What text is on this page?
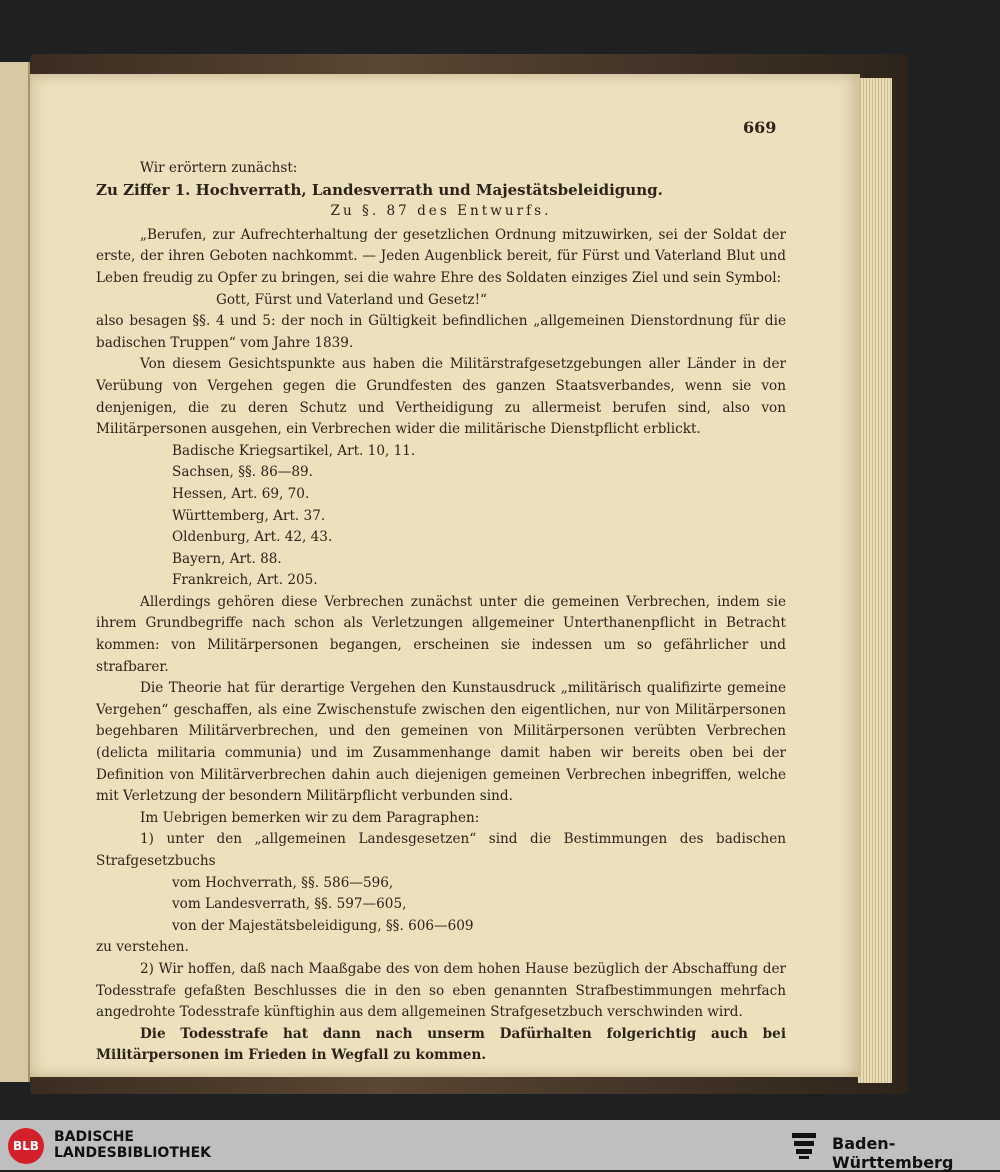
669

Wir erörtern zunächst:

Zu Ziffer 1. Hochverrath, Landesverrath und Majestätsbeleidigung.

Zu §. 87 des Entwurfs.

„Berufen, zur Aufrechterhaltung der gesetzlichen Ordnung mitzuwirken, sei der Soldat der erste, der ihren Geboten nachkommt. — Jeden Augenblick bereit, für Fürst und Vaterland Blut und Leben freudig zu Opfer zu bringen, sei die wahre Ehre des Soldaten einziges Ziel und sein Symbol:

Gott, Fürst und Vaterland und Gesetz!“

also besagen §§. 4 und 5: der noch in Gültigkeit befindlichen „allgemeinen Dienstordnung für die badischen Truppen“ vom Jahre 1839.

Von diesem Gesichtspunkte aus haben die Militärstrafgesetzgebungen aller Länder in der Verübung von Vergehen gegen die Grundfesten des ganzen Staatsverbandes, wenn sie von denjenigen, die zu deren Schutz und Vertheidigung zu allermeist berufen sind, also von Militärpersonen ausgehen, ein Verbrechen wider die militärische Dienstpflicht erblickt.

Badische Kriegsartikel, Art. 10, 11.

Sachsen, §§. 86—89.

Hessen, Art. 69, 70.

Württemberg, Art. 37.

Oldenburg, Art. 42, 43.

Bayern, Art. 88.

Frankreich, Art. 205.

Allerdings gehören diese Verbrechen zunächst unter die gemeinen Verbrechen, indem sie ihrem Grundbegriffe nach schon als Verletzungen allgemeiner Unterthanenpflicht in Betracht kommen: von Militärpersonen begangen, erscheinen sie indessen um so gefährlicher und strafbarer.

Die Theorie hat für derartige Vergehen den Kunstausdruck „militärisch qualifizirte gemeine Vergehen“ geschaffen, als eine Zwischenstufe zwischen den eigentlichen, nur von Militärpersonen begehbaren Militärverbrechen, und den gemeinen von Militärpersonen verübten Verbrechen (delicta militaria communia) und im Zusammenhange damit haben wir bereits oben bei der Definition von Militärverbrechen dahin auch diejenigen gemeinen Verbrechen inbegriffen, welche mit Verletzung der besondern Militärpflicht verbunden sind.

Im Uebrigen bemerken wir zu dem Paragraphen:

1) unter den „allgemeinen Landesgesetzen“ sind die Bestimmungen des badischen Strafgesetzbuchs

vom Hochverrath, §§. 586—596,

vom Landesverrath, §§. 597—605,

von der Majestätsbeleidigung, §§. 606—609

zu verstehen.

2) Wir hoffen, daß nach Maaßgabe des von dem hohen Hause bezüglich der Abschaffung der Todesstrafe gefaßten Beschlusses die in den so eben genannten Strafbestimmungen mehrfach angedrohte Todesstrafe künftighin aus dem allgemeinen Strafgesetzbuch verschwinden wird.

Die Todesstrafe hat dann nach unserm Dafürhalten folgerichtig auch bei Militärpersonen im Frieden in Wegfall zu kommen.

BLB
BADISCHE
LANDESBIBLIOTHEK	Baden-Württemberg
